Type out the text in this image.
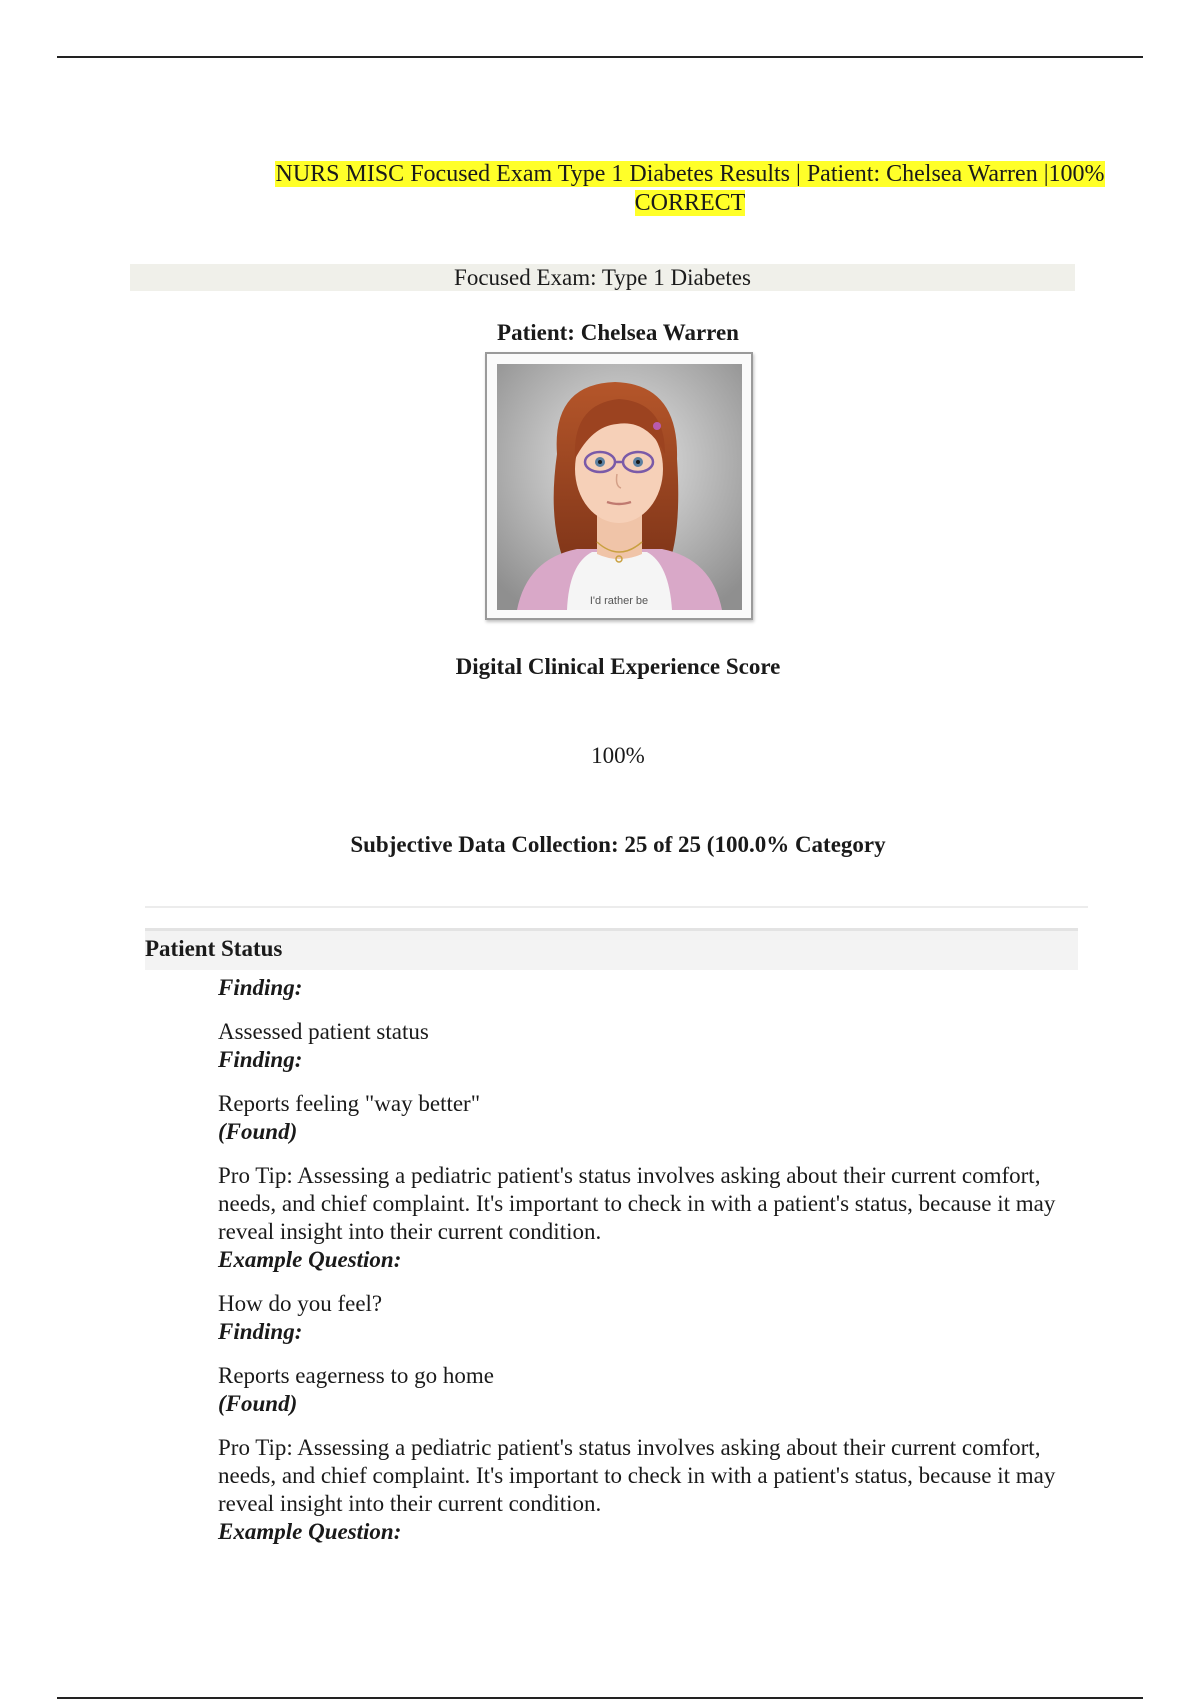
NURS MISC Focused Exam Type 1 Diabetes Results | Patient: Chelsea Warren |100% CORRECT
Focused Exam: Type 1 Diabetes
Patient: Chelsea Warren
I'd rather be
Digital Clinical Experience Score
100%
Subjective Data Collection: 25 of 25 (100.0% Category
Patient Status
Finding:
Assessed patient status
Finding:
Reports feeling "way better"
(Found)
Pro Tip: Assessing a pediatric patient's status involves asking about their current comfort, needs, and chief complaint. It's important to check in with a patient's status, because it may reveal insight into their current condition.
Example Question:
How do you feel?
Finding:
Reports eagerness to go home
(Found)
Pro Tip: Assessing a pediatric patient's status involves asking about their current comfort, needs, and chief complaint. It's important to check in with a patient's status, because it may reveal insight into their current condition.
Example Question:
